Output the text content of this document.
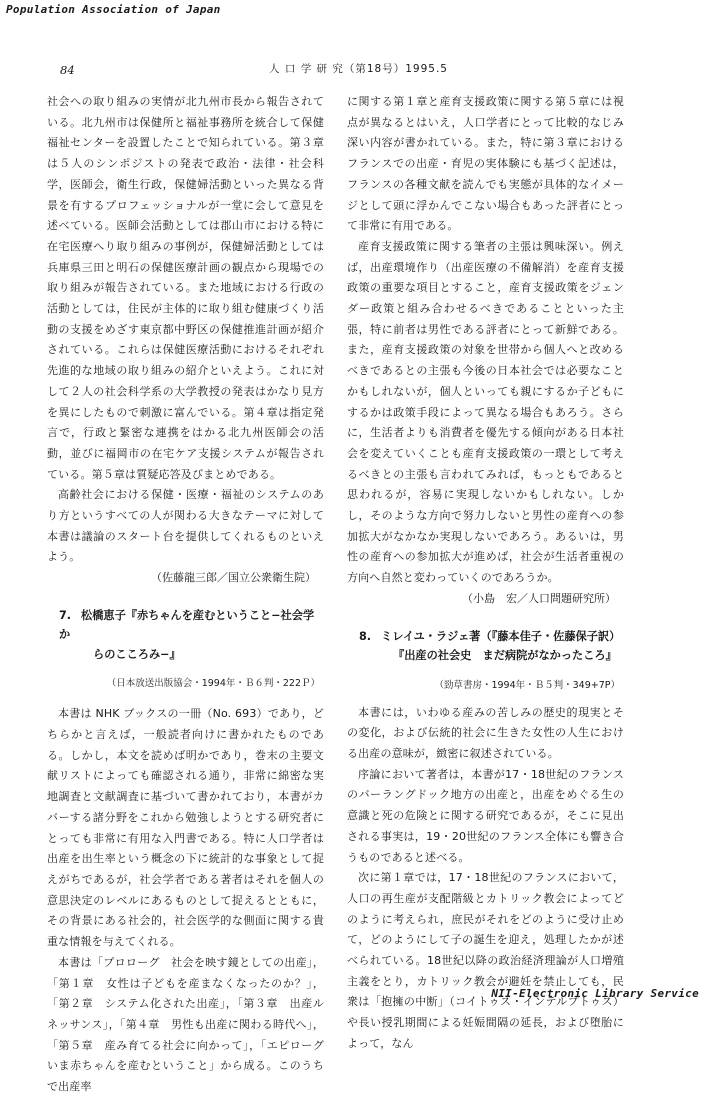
Population Association of Japan
84	人 口 学 研 究（第18号）1995.5

社会への取り組みの実情が北九州市長から報告されている。北九州市は保健所と福祉事務所を統合して保健福祉センターを設置したことで知られている。第３章は５人のシンポジストの発表で政治・法律・社会科学，医師会，衛生行政，保健婦活動といった異なる背景を有するプロフェッショナルが一堂に会して意見を述べている。医師会活動としては郡山市における特に在宅医療へり取り組みの事例が，保健婦活動としては兵庫県三田と明石の保健医療計画の観点から現場での取り組みが報告されている。また地域における行政の活動としては，住民が主体的に取り組む健康づくり活動の支援をめざす東京都中野区の保健推進計画が紹介されている。これらは保健医療活動におけるそれぞれ先進的な地域の取り組みの紹介といえよう。これに対して２人の社会科学系の大学教授の発表はかなり見方を異にしたもので刺激に富んでいる。第４章は指定発言で，行政と緊密な連携をはかる北九州医師会の活動，並びに福岡市の在宅ケア支援システムが報告されている。第５章は質疑応答及びまとめである。

高齢社会における保健・医療・福祉のシステムのあり方というすべての人が関わる大きなテーマに対して本書は議論のスタート台を提供してくれるものといえよう。

（佐藤龍三郎／国立公衆衛生院）

7. 松橋恵子『赤ちゃんを産むということ−社会学か
らのこころみ−』

（日本放送出版協会・1994年・Ｂ６判・222Ｐ）

本書は NHK ブックスの一冊（No. 693）であり，どちらかと言えば，一般読者向けに書かれたものである。しかし，本文を読めば明かであり，巻末の主要文献リストによっても確認される通り，非常に綿密な実地調査と文献調査に基づいて書かれており，本書がカバーする諸分野をこれから勉強しようとする研究者にとっても非常に有用な入門書である。特に人口学者は出産を出生率という概念の下に統計的な事象として捉えがちであるが，社会学者である著者はそれを個人の意思決定のレベルにあるものとして捉えるとともに，その背景にある社会的，社会医学的な側面に関する貴重な情報を与えてくれる。

本書は「プロローグ　社会を映す鏡としての出産」，「第１章　女性は子どもを産まなくなったのか？」，「第２章　システム化された出産」，「第３章　出産ルネッサンス」，「第４章　男性も出産に関わる時代へ」，「第５章　産み育てる社会に向かって」，「エピローグ　いま赤ちゃんを産むということ」から成る。このうちで出産率

に関する第１章と産育支援政策に関する第５章には視点が異なるとはいえ，人口学者にとって比較的なじみ深い内容が書かれている。また，特に第３章におけるフランスでの出産・育児の実体験にも基づく記述は，フランスの各種文献を読んでも実態が具体的なイメージとして頭に浮かんでこない場合もあった評者にとって非常に有用である。

産育支援政策に関する筆者の主張は興味深い。例えば，出産環境作り（出産医療の不備解消）を産育支援政策の重要な項目とすること，産育支援政策をジェンダー政策と組み合わせるべきであることといった主張，特に前者は男性である評者にとって新鮮である。また，産育支援政策の対象を世帯から個人へと改めるべきであるとの主張も今後の日本社会では必要なことかもしれないが，個人といっても親にするか子どもにするかは政策手段によって異なる場合もあろう。さらに，生活者よりも消費者を優先する傾向がある日本社会を変えていくことも産育支援政策の一環として考えるべきとの主張も言われてみれば，もっともであると思われるが，容易に実現しないかもしれない。しかし，そのような方向で努力しないと男性の産育への参加拡大がなかなか実現しないであろう。あるいは，男性の産育への参加拡大が進めば，社会が生活者重視の方向へ自然と変わっていくのであろうか。

（小島　宏／人口問題研究所）

8. ミレイユ・ラジェ著（『藤本佳子・佐藤保子訳）
『出産の社会史　まだ病院がなかったころ』

（勁草書房・1994年・Ｂ５判・349+7P）

本書には，いわゆる産みの苦しみの歴史的現実とその変化，および伝統的社会に生きた女性の人生における出産の意味が，緻密に叙述されている。

序論において著者は，本書が17・18世紀のフランスのバーラングドック地方の出産と，出産をめぐる生の意識と死の危険とに関する研究であるが，そこに見出される事実は，19・20世紀のフランス全体にも響き合うものであると述べる。

次に第１章では，17・18世紀のフランスにおいて，人口の再生産が支配階級とカトリック教会によってどのように考えられ，庶民がそれをどのように受け止めて，どのようにして子の誕生を迎え，処理したかが述べられている。18世紀以降の政治経済理論が人口増殖主義をとり，カトリック教会が避妊を禁止しても，民衆は「抱擁の中断」（コイトゥス・インテルプトゥス）や長い授乳期間による妊娠間隔の延長，および堕胎によって，なん

NII-Electronic Library Service
